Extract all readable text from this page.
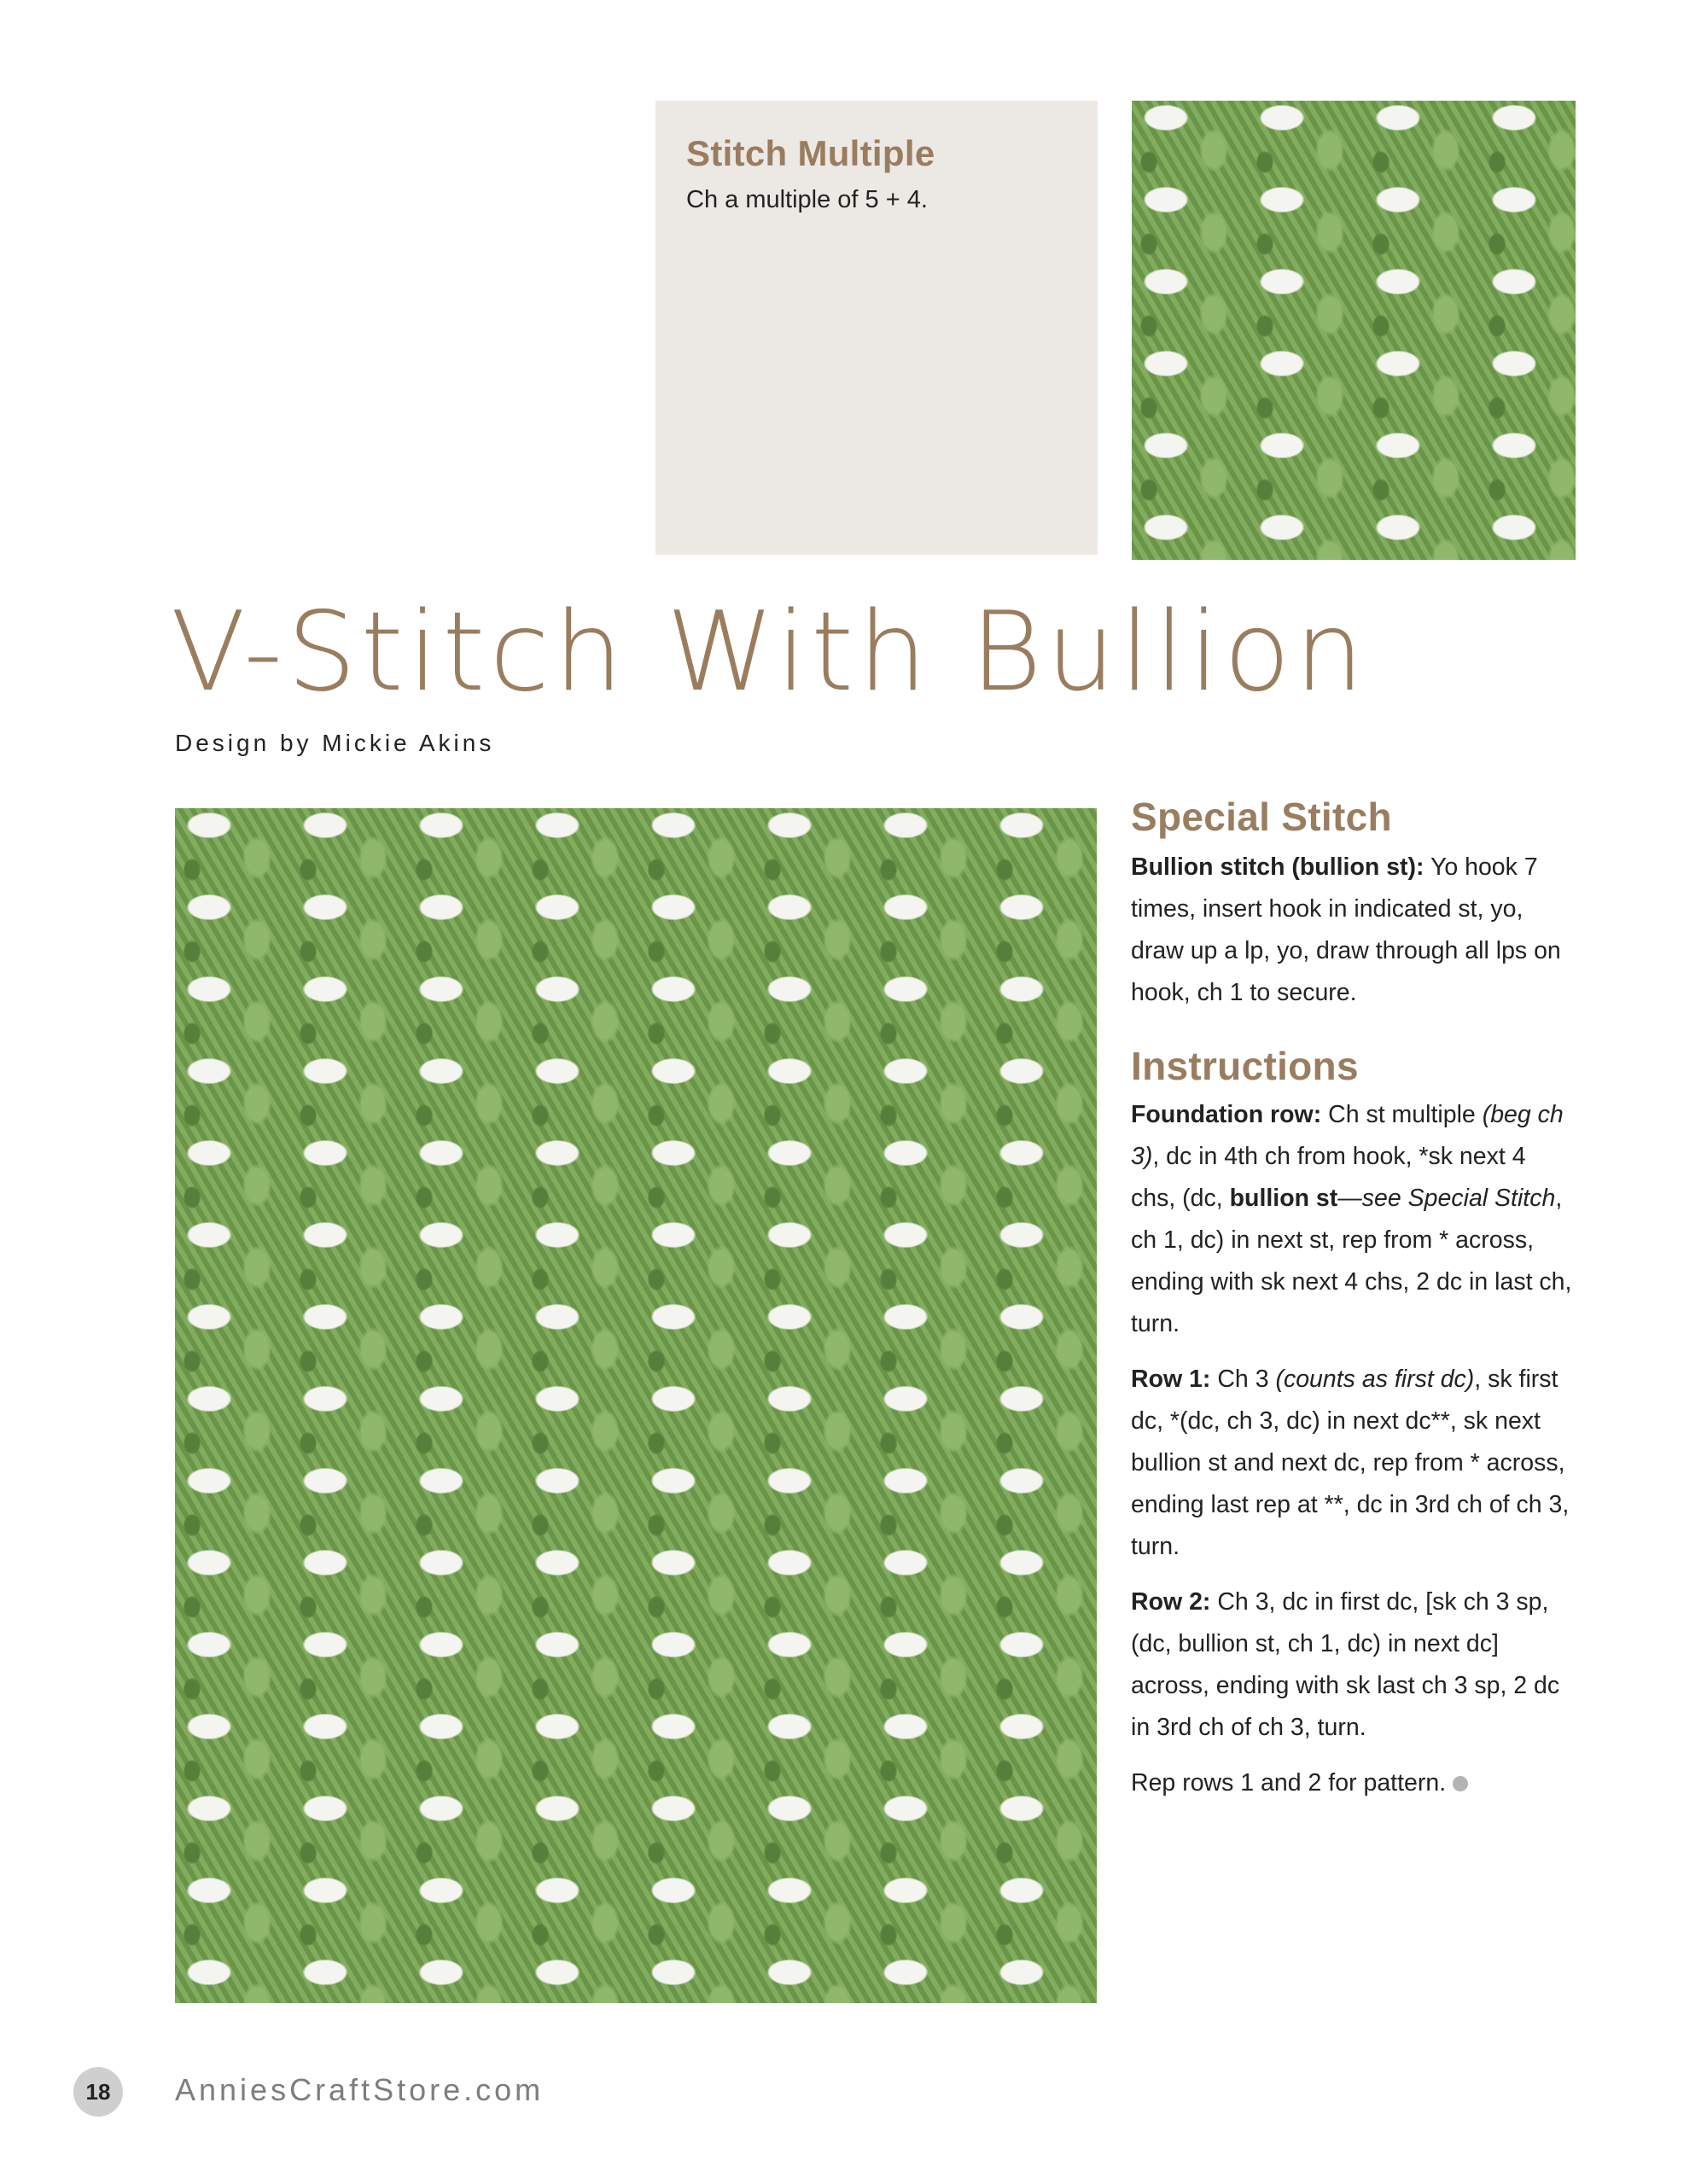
Stitch Multiple
Ch a multiple of 5 + 4.
V-Stitch With Bullion
Design by Mickie Akins
Special Stitch

Bullion stitch (bullion st): Yo hook 7 times, insert hook in indicated st, yo, draw up a lp, yo, draw through all lps on hook, ch 1 to secure.

Instructions

Foundation row: Ch st multiple (beg ch 3), dc in 4th ch from hook, *sk next 4 chs, (dc, bullion st—see Special Stitch, ch 1, dc) in next st, rep from * across, ending with sk next 4 chs, 2 dc in last ch, turn.

Row 1: Ch 3 (counts as first dc), sk first dc, *(dc, ch 3, dc) in next dc**, sk next bullion st and next dc, rep from * across, ending last rep at **, dc in 3rd ch of ch 3, turn.

Row 2: Ch 3, dc in first dc, [sk ch 3 sp, (dc, bullion st, ch 1, dc) in next dc] across, ending with sk last ch 3 sp, 2 dc in 3rd ch of ch 3, turn.

Rep rows 1 and 2 for pattern.

18	AnniesCraftStore.com
